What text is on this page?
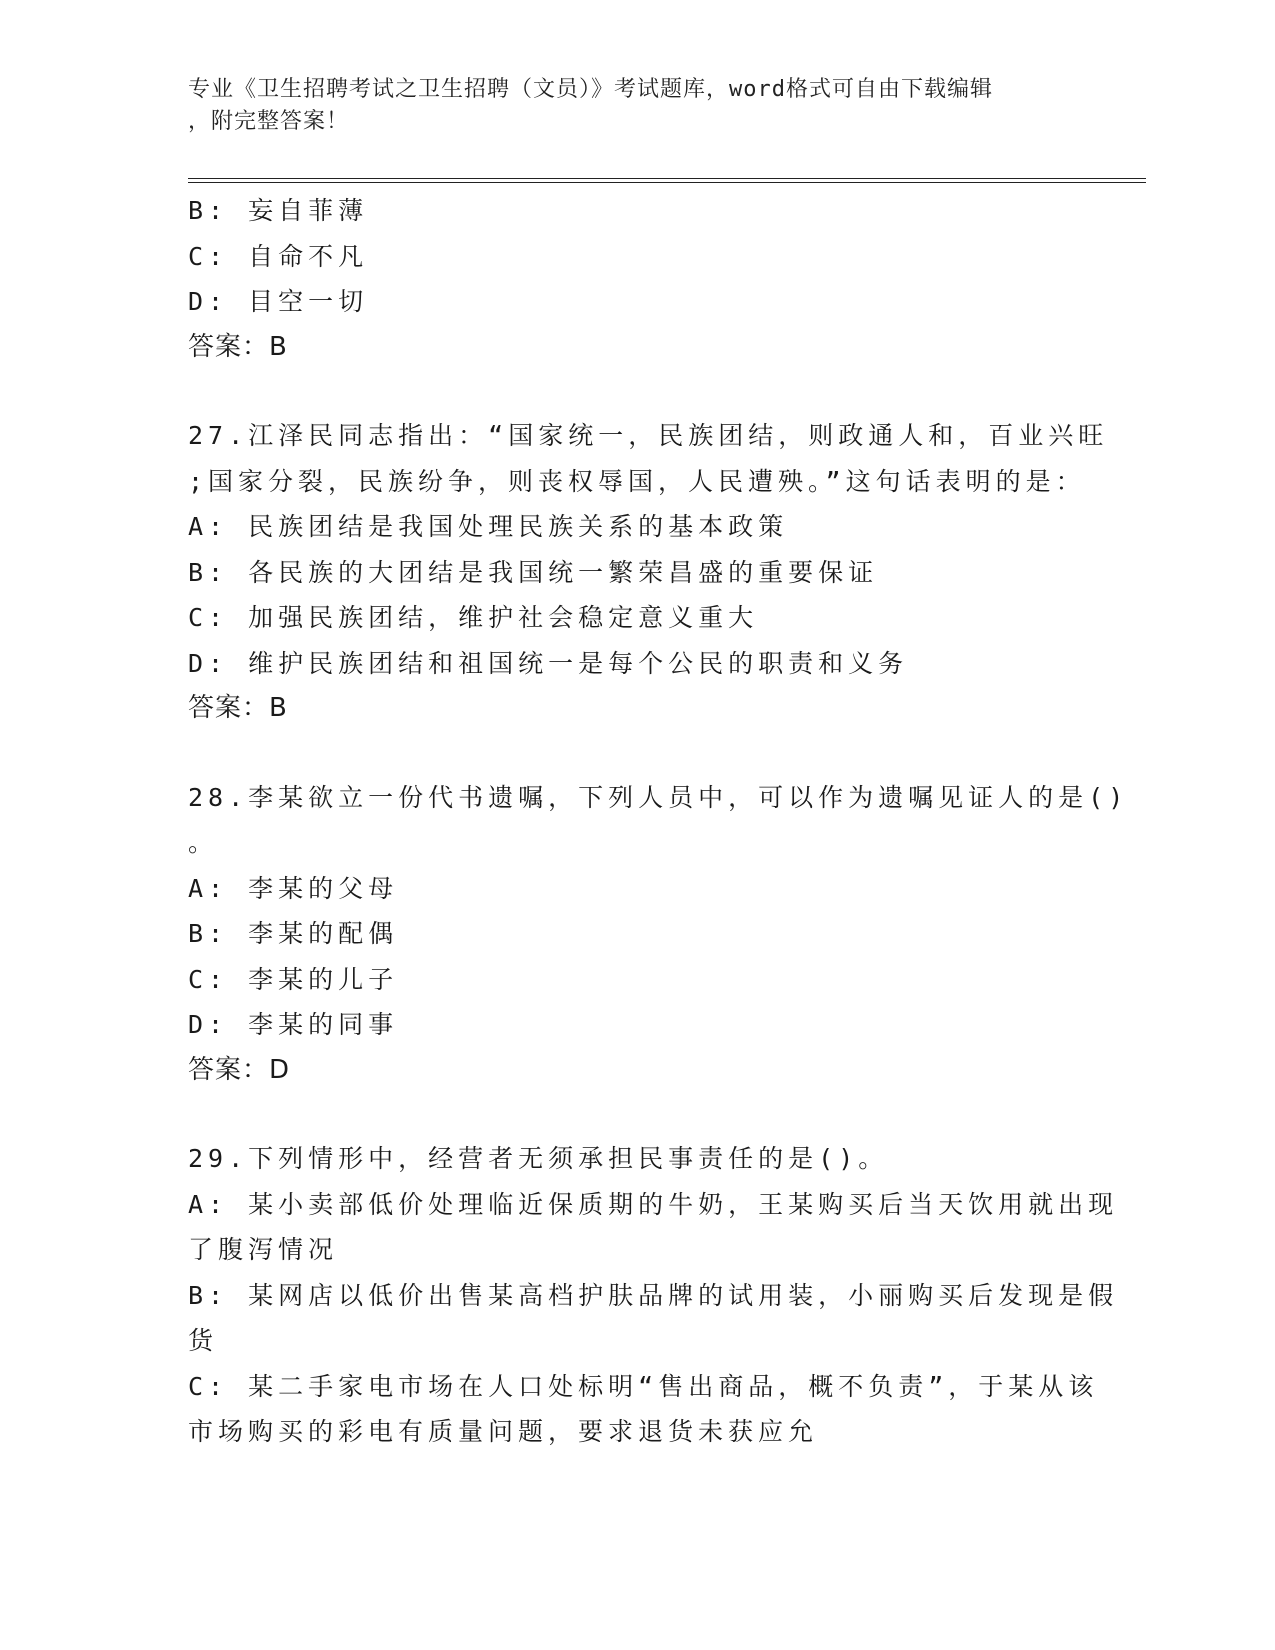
专业《卫生招聘考试之卫生招聘（文员）》考试题库，word格式可自由下载编辑
，附完整答案！
B: 妄自菲薄
C: 自命不凡
D: 目空一切
答案：B
27.江泽民同志指出：“国家统一，民族团结，则政通人和，百业兴旺
;国家分裂，民族纷争，则丧权辱国，人民遭殃。”这句话表明的是：
A: 民族团结是我国处理民族关系的基本政策
B: 各民族的大团结是我国统一繁荣昌盛的重要保证
C: 加强民族团结，维护社会稳定意义重大
D: 维护民族团结和祖国统一是每个公民的职责和义务
答案：B
28.李某欲立一份代书遗嘱，下列人员中，可以作为遗嘱见证人的是()
。
A: 李某的父母
B: 李某的配偶
C: 李某的儿子
D: 李某的同事
答案：D
29.下列情形中，经营者无须承担民事责任的是()。
A: 某小卖部低价处理临近保质期的牛奶，王某购买后当天饮用就出现
了腹泻情况
B: 某网店以低价出售某高档护肤品牌的试用装，小丽购买后发现是假
货
C: 某二手家电市场在人口处标明“售出商品，概不负责”，于某从该
市场购买的彩电有质量问题，要求退货未获应允
